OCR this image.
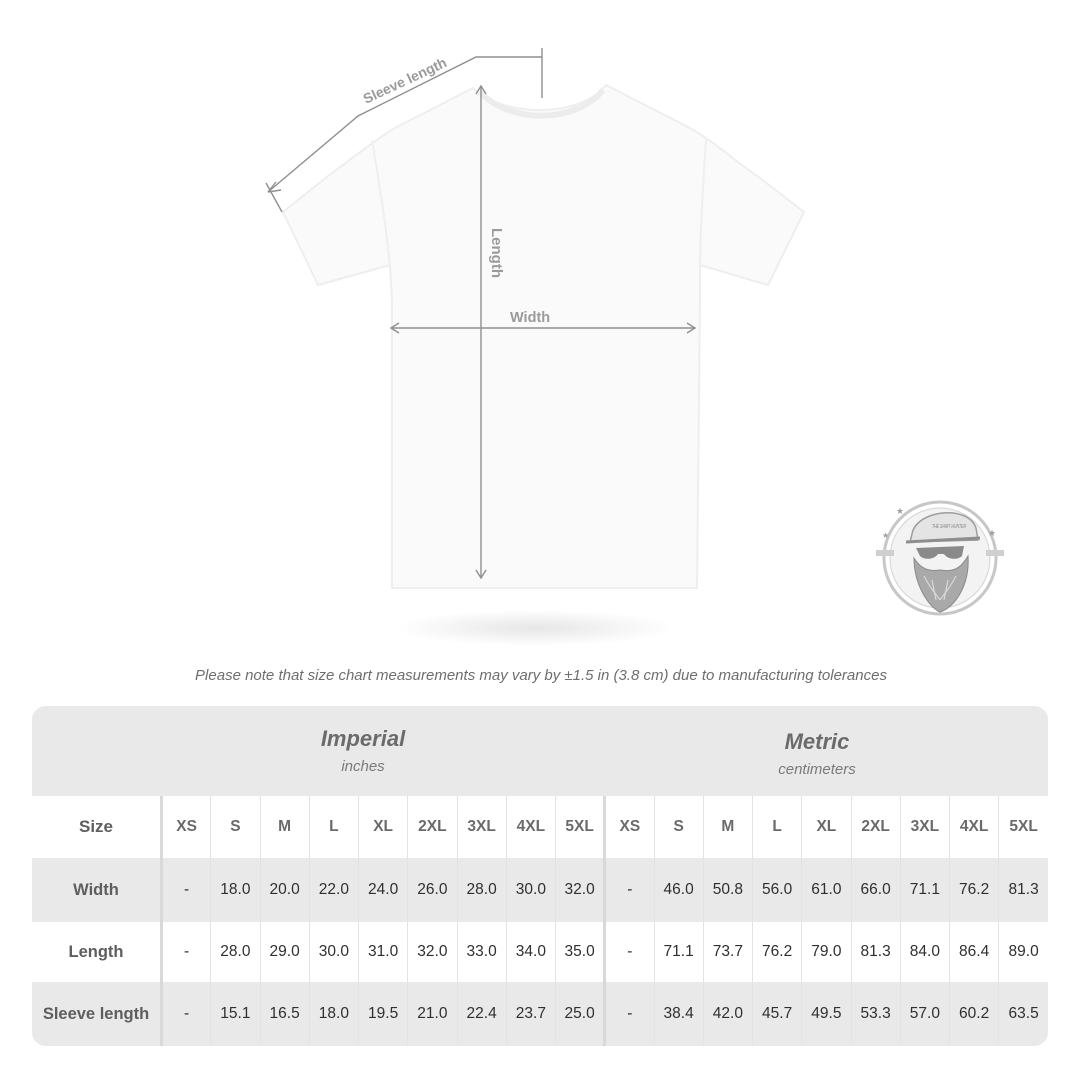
Sleeve length
Length
Width
★
★
★
THE SHIRT HUNTER
Please note that size chart measurements may vary by ±1.5 in (3.8 cm) due to manufacturing tolerances
Imperial
inches
Metric
centimeters
Size	XS	S	M	L	XL	2XL	3XL	4XL	5XL	XS	S	M	L	XL	2XL	3XL	4XL	5XL
Width	-	18.0	20.0	22.0	24.0	26.0	28.0	30.0	32.0	-	46.0	50.8	56.0	61.0	66.0	71.1	76.2	81.3
Length	-	28.0	29.0	30.0	31.0	32.0	33.0	34.0	35.0	-	71.1	73.7	76.2	79.0	81.3	84.0	86.4	89.0
Sleeve length	-	15.1	16.5	18.0	19.5	21.0	22.4	23.7	25.0	-	38.4	42.0	45.7	49.5	53.3	57.0	60.2	63.5
